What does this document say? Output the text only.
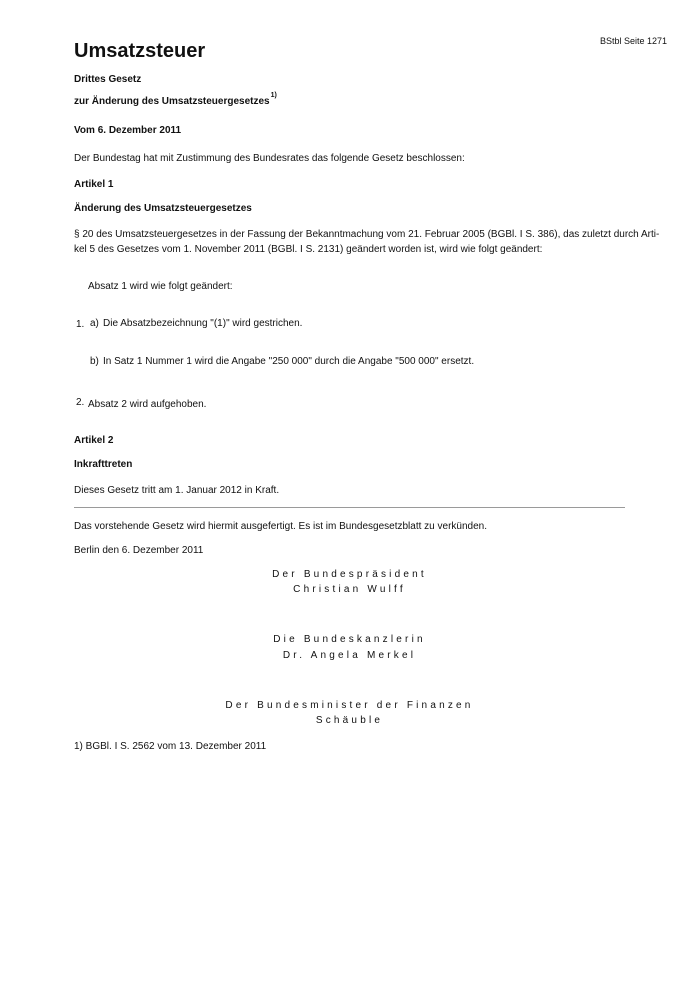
BStbl Seite 1271
Umsatzsteuer
Drittes Gesetz
zur Änderung des Umsatzsteuergesetzes$^{1)}$
Vom 6. Dezember 2011
Der Bundestag hat mit Zustimmung des Bundesrates das folgende Gesetz beschlossen:
Artikel 1
Änderung des Umsatzsteuergesetzes
§ 20 des Umsatzsteuergesetzes in der Fassung der Bekanntmachung vom 21. Februar 2005 (BGBl. I S. 386), das zuletzt durch Arti-
kel 5 des Gesetzes vom 1. November 2011 (BGBl. I S. 2131) geändert worden ist, wird wie folgt geändert:
Absatz 1 wird wie folgt geändert:
1. a) Die Absatzbezeichnung "(1)" wird gestrichen.
b) In Satz 1 Nummer 1 wird die Angabe "250 000" durch die Angabe "500 000" ersetzt.
2. Absatz 2 wird aufgehoben.
Artikel 2
Inkrafttreten
Dieses Gesetz tritt am 1. Januar 2012 in Kraft.
Das vorstehende Gesetz wird hiermit ausgefertigt. Es ist im Bundesgesetzblatt zu verkünden.
Berlin den 6. Dezember 2011
Der Bundespräsident
Christian Wulff
Die Bundeskanzlerin
Dr. Angela Merkel
Der Bundesminister der Finanzen
Schäuble
1) BGBl. I S. 2562 vom 13. Dezember 2011
